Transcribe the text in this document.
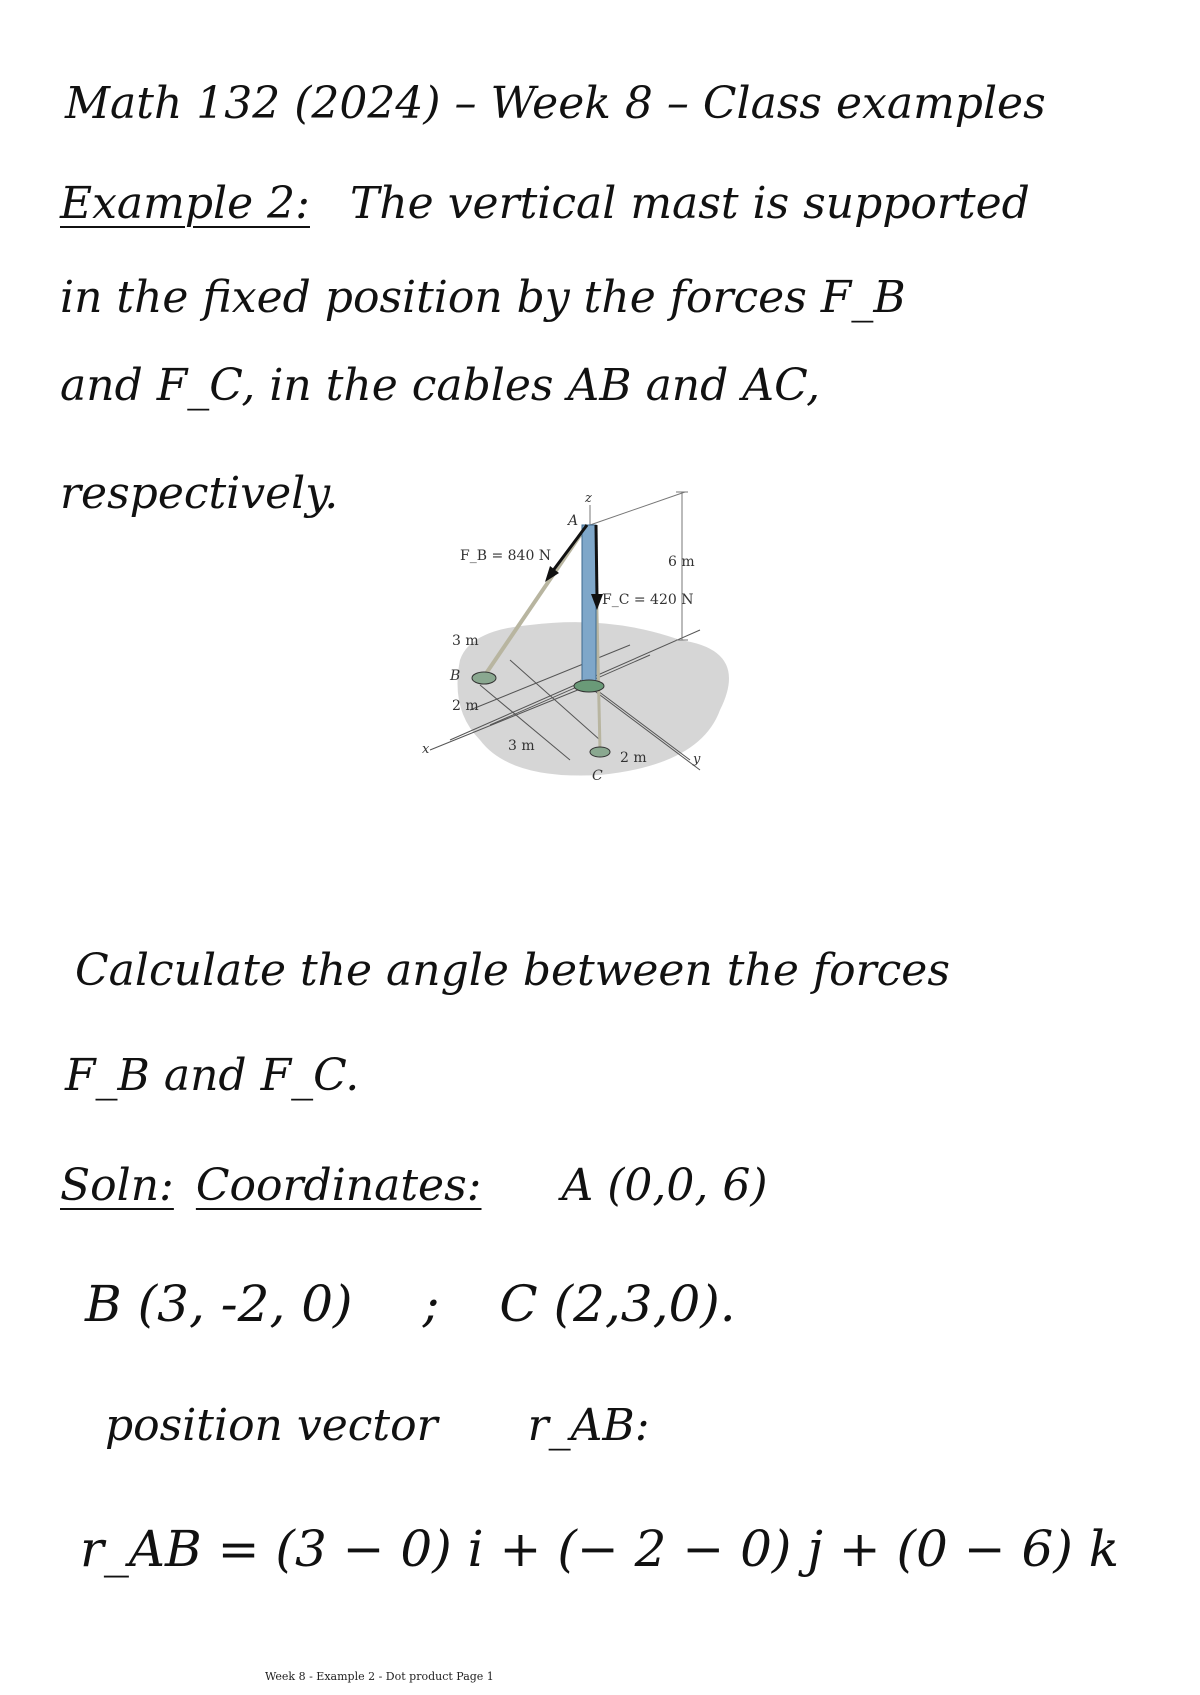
Math 132 (2024) – Week 8 – Class examples
Example 2: The vertical mast is supported
in the fixed position by the forces F_B
and F_C, in the cables AB and AC,
respectively.	z
x
y
A
B
C
F_B = 840 N
F_C = 420 N
6 m
3 m
2 m
3 m
2 m
Calculate the angle between the forces
F_B and F_C.
Soln: Coordinates: A (0,0, 6)
B (3, -2, 0) ; C (2,3,0).
position vector r_AB:
r_AB = (3 − 0) i + (− 2 − 0) j + (0 − 6) k
Week 8 - Example 2 - Dot product Page 1
